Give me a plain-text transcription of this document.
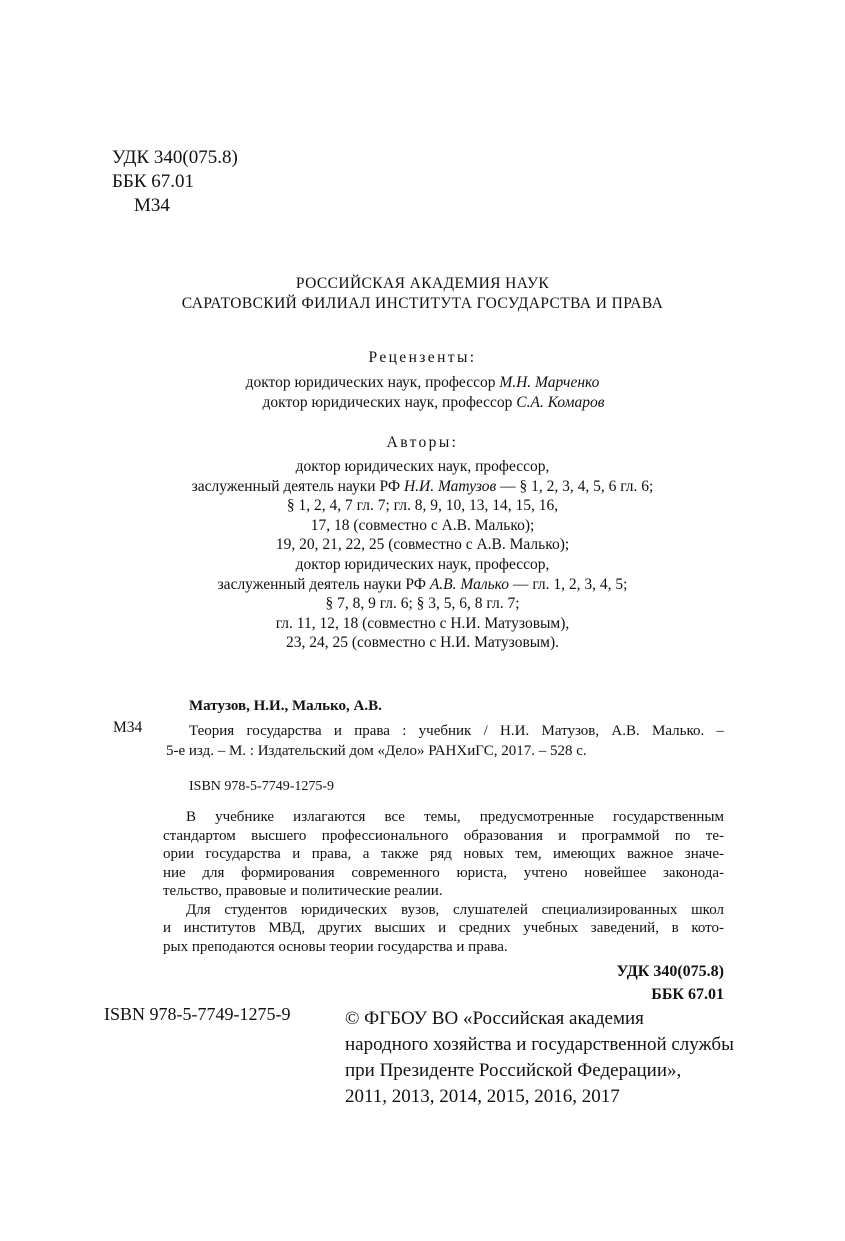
УДК 340(075.8)
ББК 67.01
М34
РОССИЙСКАЯ АКАДЕМИЯ НАУК
САРАТОВСКИЙ ФИЛИАЛ ИНСТИТУТА ГОСУДАРСТВА И ПРАВА
Рецензенты:
доктор юридических наук, профессор М.Н. Марченко
доктор юридических наук, профессор С.А. Комаров
Авторы:
доктор юридических наук, профессор,
заслуженный деятель науки РФ Н.И. Матузов — § 1, 2, 3, 4, 5, 6 гл. 6;
§ 1, 2, 4, 7 гл. 7; гл. 8, 9, 10, 13, 14, 15, 16,
17, 18 (совместно с А.В. Малько);
19, 20, 21, 22, 25 (совместно с А.В. Малько);
доктор юридических наук, профессор,
заслуженный деятель науки РФ А.В. Малько — гл. 1, 2, 3, 4, 5;
§ 7, 8, 9 гл. 6; § 3, 5, 6, 8 гл. 7;
гл. 11, 12, 18 (совместно с Н.И. Матузовым),
23, 24, 25 (совместно с Н.И. Матузовым).
Матузов, Н.И., Малько, А.В.
М34	Теория государства и права : учебник / Н.И. Матузов, А.В. Малько. –
5-е изд. – М. : Издательский дом «Дело» РАНХиГС, 2017. – 528 с.
ISBN 978-5-7749-1275-9
В учебнике излагаются все темы, предусмотренные государственным
стандартом высшего профессионального образования и программой по те-
ории государства и права, а также ряд новых тем, имеющих важное значе-
ние для формирования современного юриста, учтено новейшее законода-
тельство, правовые и политические реалии.
Для студентов юридических вузов, слушателей специализированных школ
и институтов МВД, других высших и средних учебных заведений, в кото-
рых преподаются основы теории государства и права.
УДК 340(075.8)
ББК 67.01
ISBN 978-5-7749-1275-9	© ФГБОУ ВО «Российская академия
народного хозяйства и государственной службы
при Президенте Российской Федерации»,
2011, 2013, 2014, 2015, 2016, 2017
